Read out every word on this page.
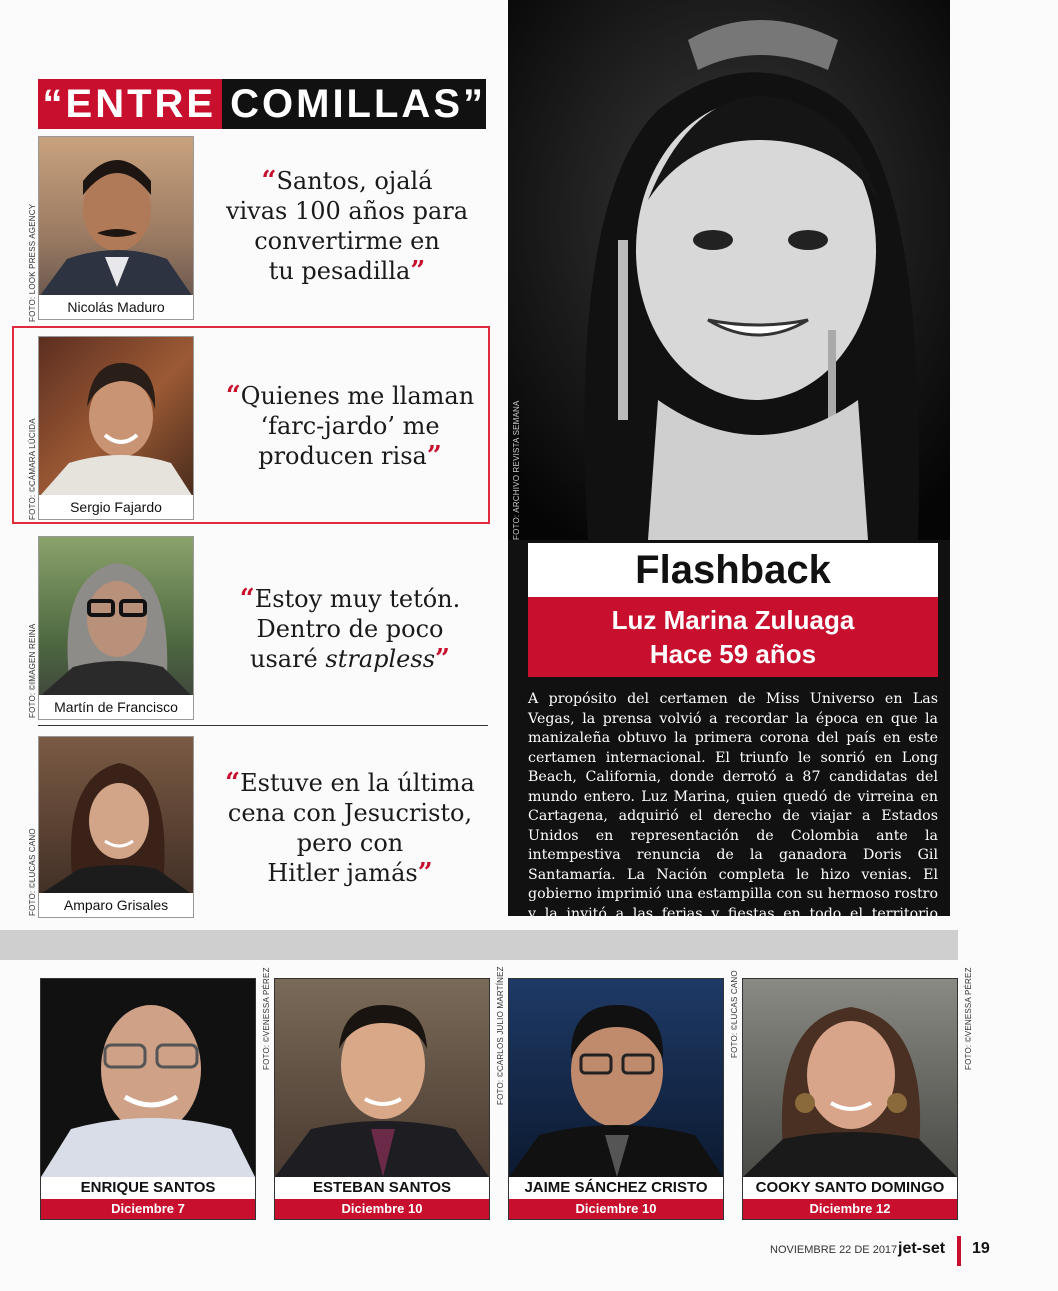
“ENTRE COMILLAS”
Nicolás Maduro
FOTO: LOOK PRESS AGENCY
“Santos, ojalá
vivas 100 años para
convertirme en
tu pesadilla”
Sergio Fajardo
FOTO: ©CÁMARA LÚCIDA
“Quienes me llaman
‘farc-jardo’ me
producen risa”
Martín de Francisco
FOTO: ©IMAGEN REINA
“Estoy muy tetón.
Dentro de poco
usaré strapless”
Amparo Grisales
FOTO: ©LUCAS CANO
“Estuve en la última
cena con Jesucristo,
pero con
Hitler jamás”
FOTO: ARCHIVO REVISTA SEMANA
Flashback
Luz Marina Zuluaga
Hace 59 años
A propósito del certamen de Miss Universo en Las Vegas, la prensa volvió a recordar la época en que la manizaleña obtuvo la primera corona del país en este certamen internacional. El triunfo le sonrió en Long Beach, California, donde derrotó a 87 candidatas del mundo entero. Luz Marina, quien quedó de virreina en Cartagena, adquirió el derecho de viajar a Estados Unidos en representación de Colombia ante la intempestiva renuncia de la ganadora Doris Gil Santamaría. La Nación completa le hizo venias. El gobierno imprimió una estampilla con su hermoso rostro y la invitó a las ferias y fiestas en todo el territorio
ENRIQUE SANTOS
Diciembre 7
FOTO: ©VENESSA PÉREZ
ESTEBAN SANTOS
Diciembre 10
FOTO: ©CARLOS JULIO MARTÍNEZ
JAIME SÁNCHEZ CRISTO
Diciembre 10
FOTO: ©LUCAS CANO
COOKY SANTO DOMINGO
Diciembre 12
FOTO: ©VENESSA PÉREZ
NOVIEMBRE 22 DE 2017 jet-set 19
